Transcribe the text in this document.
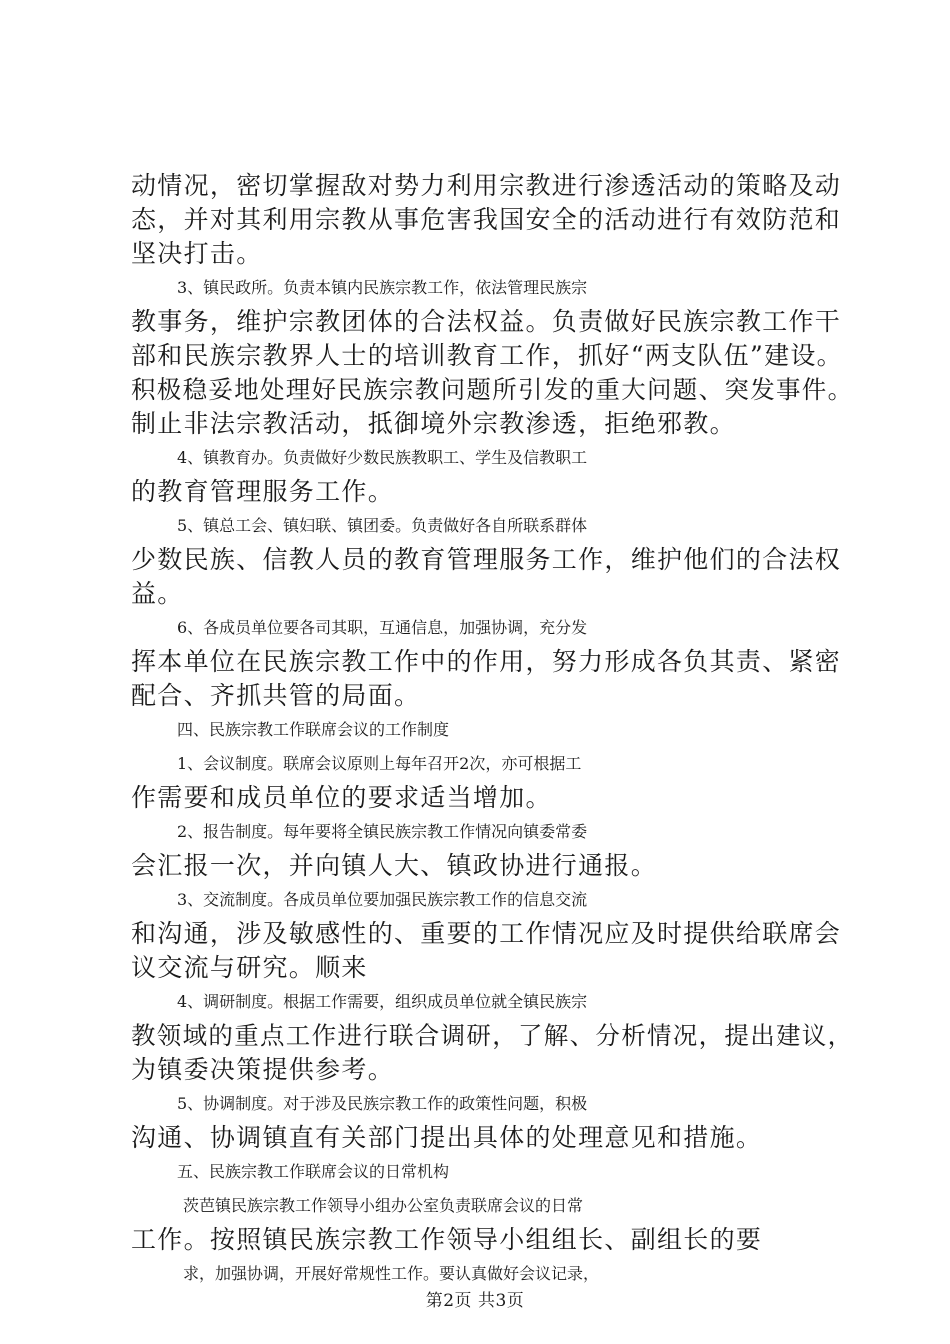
动情况，密切掌握敌对势力利用宗教进行渗透活动的策略及动
态，并对其利用宗教从事危害我国安全的活动进行有效防范和
坚决打击。
3、镇民政所。负责本镇内民族宗教工作，依法管理民族宗
教事务，维护宗教团体的合法权益。负责做好民族宗教工作干
部和民族宗教界人士的培训教育工作，抓好“两支队伍”建设。
积极稳妥地处理好民族宗教问题所引发的重大问题、突发事件。
制止非法宗教活动，抵御境外宗教渗透，拒绝邪教。
4、镇教育办。负责做好少数民族教职工、学生及信教职工
的教育管理服务工作。
5、镇总工会、镇妇联、镇团委。负责做好各自所联系群体
少数民族、信教人员的教育管理服务工作，维护他们的合法权
益。
6、各成员单位要各司其职，互通信息，加强协调，充分发
挥本单位在民族宗教工作中的作用，努力形成各负其责、紧密
配合、齐抓共管的局面。
四、民族宗教工作联席会议的工作制度
1、会议制度。联席会议原则上每年召开2次，亦可根据工
作需要和成员单位的要求适当增加。
2、报告制度。每年要将全镇民族宗教工作情况向镇委常委
会汇报一次，并向镇人大、镇政协进行通报。
3、交流制度。各成员单位要加强民族宗教工作的信息交流
和沟通，涉及敏感性的、重要的工作情况应及时提供给联席会
议交流与研究。顺来
4、调研制度。根据工作需要，组织成员单位就全镇民族宗
教领域的重点工作进行联合调研，了解、分析情况，提出建议，
为镇委决策提供参考。
5、协调制度。对于涉及民族宗教工作的政策性问题，积极
沟通、协调镇直有关部门提出具体的处理意见和措施。
五、民族宗教工作联席会议的日常机构
茨芭镇民族宗教工作领导小组办公室负责联席会议的日常
工作。按照镇民族宗教工作领导小组组长、副组长的要
求，加强协调，开展好常规性工作。要认真做好会议记录，
第2页 共3页
